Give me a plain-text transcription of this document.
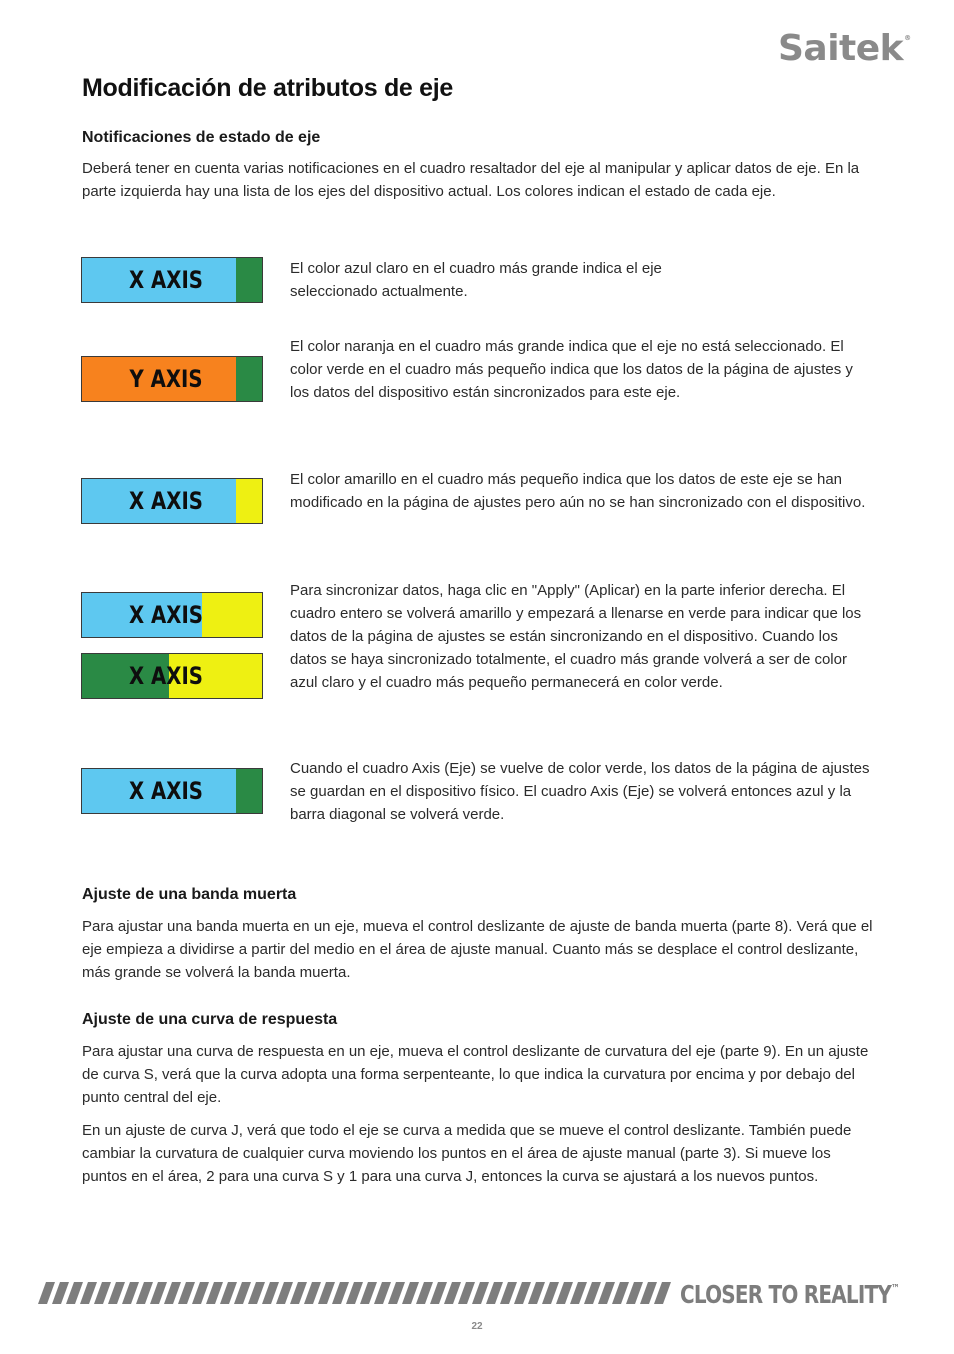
Saitek®
Modificación de atributos de eje
Notificaciones de estado de eje

Deberá tener en cuenta varias notificaciones en el cuadro resaltador del eje al manipular y aplicar datos de eje. En la parte izquierda hay una lista de los ejes del dispositivo actual. Los colores indican el estado de cada eje.

X AXIS	El color azul claro en el cuadro más grande indica el eje seleccionado actualmente.

Y AXIS

El color naranja en el cuadro más grande indica que el eje no está seleccionado. El color verde en el cuadro más pequeño indica que los datos de la página de ajustes y los datos del dispositivo están sincronizados para este eje.

X AXIS

El color amarillo en el cuadro más pequeño indica que los datos de este eje se han modificado en la página de ajustes pero aún no se han sincronizado con el dispositivo.

X AXIS
X AXIS

Para sincronizar datos, haga clic en "Apply" (Aplicar) en la parte inferior derecha. El cuadro entero se volverá amarillo y empezará a llenarse en verde para indicar que los datos de la página de ajustes se están sincronizando en el dispositivo. Cuando los datos se haya sincronizado totalmente, el cuadro más grande volverá a ser de color azul claro y el cuadro más pequeño permanecerá en color verde.

X AXIS

Cuando el cuadro Axis (Eje) se vuelve de color verde, los datos de la página de ajustes se guardan en el dispositivo físico. El cuadro Axis (Eje) se volverá entonces azul y la barra diagonal se volverá verde.

Ajuste de una banda muerta

Para ajustar una banda muerta en un eje, mueva el control deslizante de ajuste de banda muerta (parte 8). Verá que el eje empieza a dividirse a partir del medio en el área de ajuste manual. Cuanto más se desplace el control deslizante, más grande se volverá la banda muerta.

Ajuste de una curva de respuesta

Para ajustar una curva de respuesta en un eje, mueva el control deslizante de curvatura del eje (parte 9). En un ajuste de curva S, verá que la curva adopta una forma serpenteante, lo que indica la curvatura por encima y por debajo del punto central del eje.

En un ajuste de curva J, verá que todo el eje se curva a medida que se mueve el control deslizante. También puede cambiar la curvatura de cualquier curva moviendo los puntos en el área de ajuste manual (parte 3). Si mueve los puntos en el área, 2 para una curva S y 1 para una curva J, entonces la curva se ajustará a los nuevos puntos.

CLOSER TO REALITY™
22
